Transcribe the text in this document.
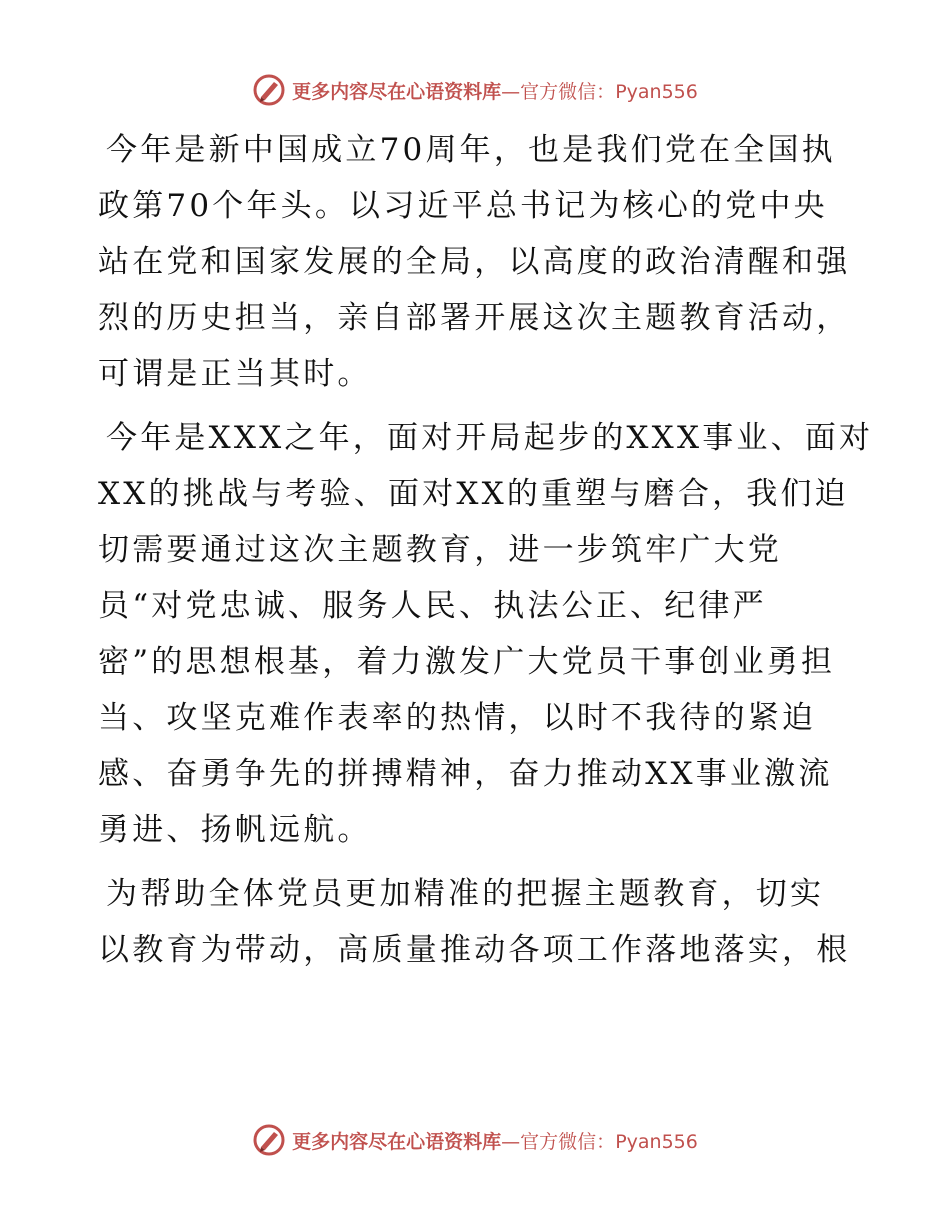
更多内容尽在心语资料库—官方微信：Pyan556
今年是新中国成立70周年，也是我们党在全国执
政第70个年头。以习近平总书记为核心的党中央
站在党和国家发展的全局，以高度的政治清醒和强
烈的历史担当，亲自部署开展这次主题教育活动，
可谓是正当其时。
今年是XXX之年，面对开局起步的XXX事业、面对
XX的挑战与考验、面对XX的重塑与磨合，我们迫
切需要通过这次主题教育，进一步筑牢广大党
员“对党忠诚、服务人民、执法公正、纪律严
密”的思想根基，着力激发广大党员干事创业勇担
当、攻坚克难作表率的热情，以时不我待的紧迫
感、奋勇争先的拼搏精神，奋力推动XX事业激流
勇进、扬帆远航。
为帮助全体党员更加精准的把握主题教育，切实
以教育为带动，高质量推动各项工作落地落实，根
更多内容尽在心语资料库—官方微信：Pyan556
